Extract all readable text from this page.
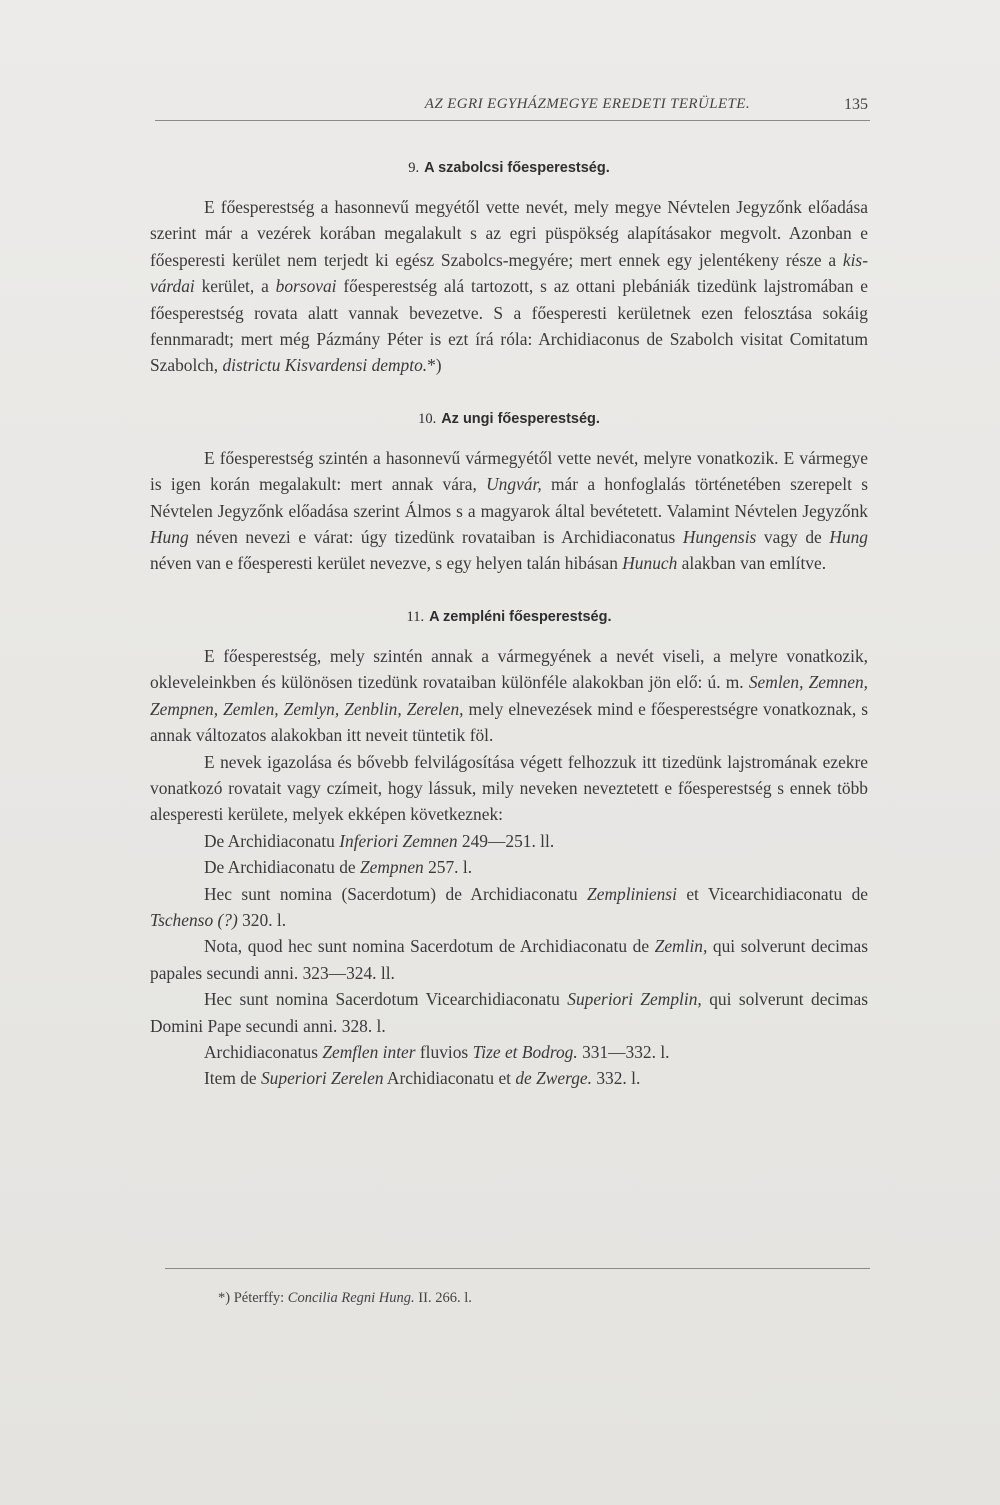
AZ EGRI EGYHÁZMEGYE EREDETI TERÜLETE.	135
9. A szabolcsi főesperestség.

E főesperestség a hasonnevű megyétől vette nevét, mely megye Névtelen Jegyzőnk előadása szerint már a vezérek korában megalakult s az egri püspökség alapításakor megvolt. Azonban e főesperesti kerület nem terjedt ki egész Szabolcs-megyére; mert ennek egy jelentékeny része a kis-várdai kerület, a borsovai főesperestség alá tartozott, s az ottani plebániák tizedünk lajstromában e főesperestség rovata alatt vannak bevezetve. S a főesperesti kerületnek ezen felosztása sokáig fennmaradt; mert még Pázmány Péter is ezt írá róla: Archidiaconus de Szabolch visitat Comitatum Szabolch, districtu Kisvardensi dempto.*)

10. Az ungi főesperestség.

E főesperestség szintén a hasonnevű vármegyétől vette nevét, melyre vonatkozik. E vármegye is igen korán megalakult: mert annak vára, Ungvár, már a honfoglalás történetében szerepelt s Névtelen Jegyzőnk előadása szerint Álmos s a magyarok által bevétetett. Valamint Névtelen Jegyzőnk Hung néven nevezi e várat: úgy tizedünk rovataiban is Archidiaconatus Hungensis vagy de Hung néven van e főesperesti kerület nevezve, s egy helyen talán hibásan Hunuch alakban van említve.

11. A zempléni főesperestség.

E főesperestség, mely szintén annak a vármegyének a nevét viseli, a melyre vonatkozik, okleveleinkben és különösen tizedünk rovataiban különféle alakokban jön elő: ú. m. Semlen, Zemnen, Zempnen, Zemlen, Zemlyn, Zenblin, Zerelen, mely elnevezések mind e főesperestségre vonatkoznak, s annak változatos alakokban itt neveit tüntetik föl.

E nevek igazolása és bővebb felvilágosítása végett felhozzuk itt tizedünk lajstromának ezekre vonatkozó rovatait vagy czímeit, hogy lássuk, mily neveken neveztetett e főesperestség s ennek több alesperesti kerülete, melyek ekképen következnek:

De Archidiaconatu Inferiori Zemnen 249—251. ll.

De Archidiaconatu de Zempnen 257. l.

Hec sunt nomina (Sacerdotum) de Archidiaconatu Zempliniensi et Vicearchidiaconatu de Tschenso (?) 320. l.

Nota, quod hec sunt nomina Sacerdotum de Archidiaconatu de Zemlin, qui solverunt decimas papales secundi anni. 323—324. ll.

Hec sunt nomina Sacerdotum Vicearchidiaconatu Superiori Zemplin, qui solverunt decimas Domini Pape secundi anni. 328. l.

Archidiaconatus Zemflen inter fluvios Tize et Bodrog. 331—332. l.

Item de Superiori Zerelen Archidiaconatu et de Zwerge. 332. l.

*) Péterffy: Concilia Regni Hung. II. 266. l.
